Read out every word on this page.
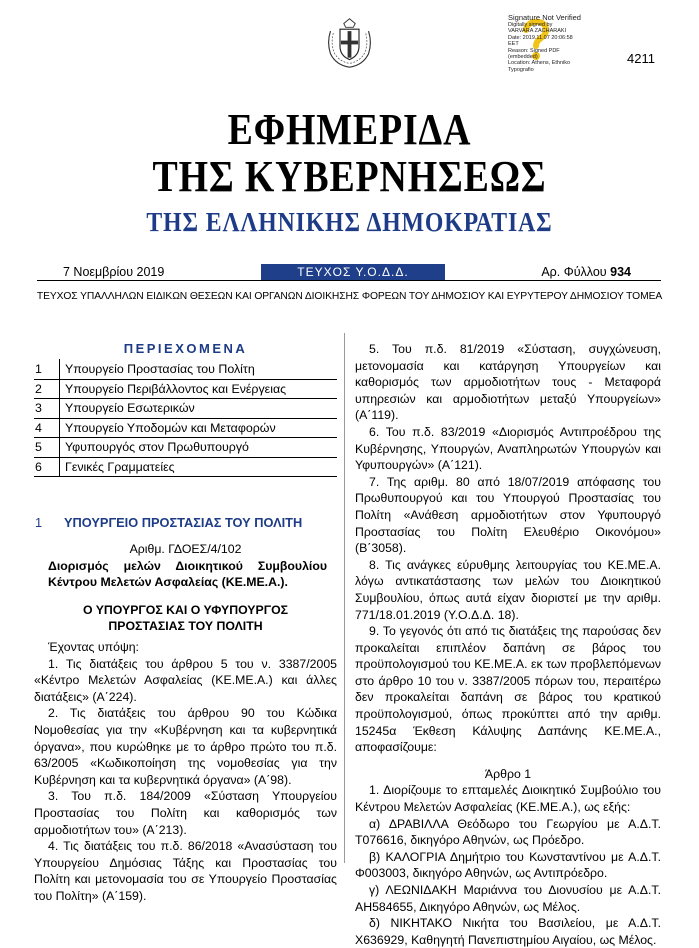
Signature Not Verified
Digitally signed by
VARVARA ZACHARAKI
Date: 2019.11.07 20:06:58
EET
Reason: Signed PDF
(embedded)
Location: Athens, Ethniko
Typografio
4211
ΕΦΗΜΕΡΙΔΑ
ΤΗΣ ΚΥΒΕΡΝΗΣΕΩΣ
ΤΗΣ ΕΛΛΗΝΙΚΗΣ ΔΗΜΟΚΡΑΤΙΑΣ
7 Νοεμβρίου 2019	ΤΕΥΧΟΣ Υ.Ο.Δ.Δ.	Αρ. Φύλλου 934
ΤΕΥΧΟΣ ΥΠΑΛΛΗΛΩΝ ΕΙΔΙΚΩΝ ΘΕΣΕΩΝ ΚΑΙ ΟΡΓΑΝΩΝ ΔΙΟΙΚΗΣΗΣ ΦΟΡΕΩΝ ΤΟΥ ΔΗΜΟΣΙΟΥ ΚΑΙ ΕΥΡΥΤΕΡΟΥ ΔΗΜΟΣΙΟΥ ΤΟΜΕΑ
ΠΕΡΙΕΧΟΜΕΝΑ
1 Υπουργείο Προστασίας του Πολίτη
2 Υπουργείο Περιβάλλοντος και Ενέργειας
3 Υπουργείο Εσωτερικών
4 Υπουργείο Υποδομών και Μεταφορών
5 Υφυπουργός στον Πρωθυπουργό
6 Γενικές Γραμματείες
1 ΥΠΟΥΡΓΕΙΟ ΠΡΟΣΤΑΣΙΑΣ ΤΟΥ ΠΟΛΙΤΗ
Αριθμ. ΓΔΟΕΣ/4/102
Διορισμός μελών Διοικητικού Συμβουλίου Κέντρου Μελετών Ασφαλείας (ΚΕ.ΜΕ.Α.).
Ο ΥΠΟΥΡΓΟΣ ΚΑΙ Ο ΥΦΥΠΟΥΡΓΟΣ ΠΡΟΣΤΑΣΙΑΣ ΤΟΥ ΠΟΛΙΤΗ
Έχοντας υπόψη:
1. Τις διατάξεις του άρθρου 5 του ν. 3387/2005 «Κέντρο Μελετών Ασφαλείας (ΚΕ.ΜΕ.Α.) και άλλες διατάξεις» (Α΄224).
2. Τις διατάξεις του άρθρου 90 του Κώδικα Νομοθεσίας για την «Κυβέρνηση και τα κυβερνητικά όργανα», που κυρώθηκε με το άρθρο πρώτο του π.δ. 63/2005 «Κωδικοποίηση της νομοθεσίας για την Κυβέρνηση και τα κυβερνητικά όργανα» (Α΄98).
3. Του π.δ. 184/2009 «Σύσταση Υπουργείου Προστασίας του Πολίτη και καθορισμός των αρμοδιοτήτων του» (Α΄213).
4. Τις διατάξεις του π.δ. 86/2018 «Ανασύσταση του Υπουργείου Δημόσιας Τάξης και Προστασίας του Πολίτη και μετονομασία του σε Υπουργείο Προστασίας του Πολίτη» (Α΄159).
5. Του π.δ. 81/2019 «Σύσταση, συγχώνευση, μετονομασία και κατάργηση Υπουργείων και καθορισμός των αρμοδιοτήτων τους - Μεταφορά υπηρεσιών και αρμοδιοτήτων μεταξύ Υπουργείων» (Α΄119).
6. Του π.δ. 83/2019 «Διορισμός Αντιπροέδρου της Κυβέρνησης, Υπουργών, Αναπληρωτών Υπουργών και Υφυπουργών» (Α΄121).
7. Της αριθμ. 80 από 18/07/2019 απόφασης του Πρωθυπουργού και του Υπουργού Προστασίας του Πολίτη «Ανάθεση αρμοδιοτήτων στον Υφυπουργό Προστασίας του Πολίτη Ελευθέριο Οικονόμου» (Β΄3058).
8. Τις ανάγκες εύρυθμης λειτουργίας του ΚΕ.ΜΕ.Α. λόγω αντικατάστασης των μελών του Διοικητικού Συμβουλίου, όπως αυτά είχαν διοριστεί με την αριθμ. 771/18.01.2019 (Υ.Ο.Δ.Δ. 18).
9. Το γεγονός ότι από τις διατάξεις της παρούσας δεν προκαλείται επιπλέον δαπάνη σε βάρος του προϋπολογισμού του ΚΕ.ΜΕ.Α. εκ των προβλεπόμενων στο άρθρο 10 του ν. 3387/2005 πόρων του, περαιτέρω δεν προκαλείται δαπάνη σε βάρος του κρατικού προϋπολογισμού, όπως προκύπτει από την αριθμ. 15245α Έκθεση Κάλυψης Δαπάνης ΚΕ.ΜΕ.Α., αποφασίζουμε:
Άρθρο 1
1. Διορίζουμε το επταμελές Διοικητικό Συμβούλιο του Κέντρου Μελετών Ασφαλείας (ΚΕ.ΜΕ.Α.), ως εξής:
α) ΔΡΑΒΙΛΛΑ Θεόδωρο του Γεωργίου με Α.Δ.Τ. Τ076616, δικηγόρο Αθηνών, ως Πρόεδρο.
β) ΚΑΛΟΓΡΙΑ Δημήτριο του Κωνσταντίνου με Α.Δ.Τ. Φ003003, δικηγόρο Αθηνών, ως Αντιπρόεδρο.
γ) ΛΕΩΝΙΔΑΚΗ Μαριάννα του Διονυσίου με Α.Δ.Τ. ΑΗ584655, Δικηγόρο Αθηνών, ως Μέλος.
δ) ΝΙΚΗΤΑΚΟ Νικήτα του Βασιλείου, με Α.Δ.Τ. Χ636929, Καθηγητή Πανεπιστημίου Αιγαίου, ως Μέλος.
